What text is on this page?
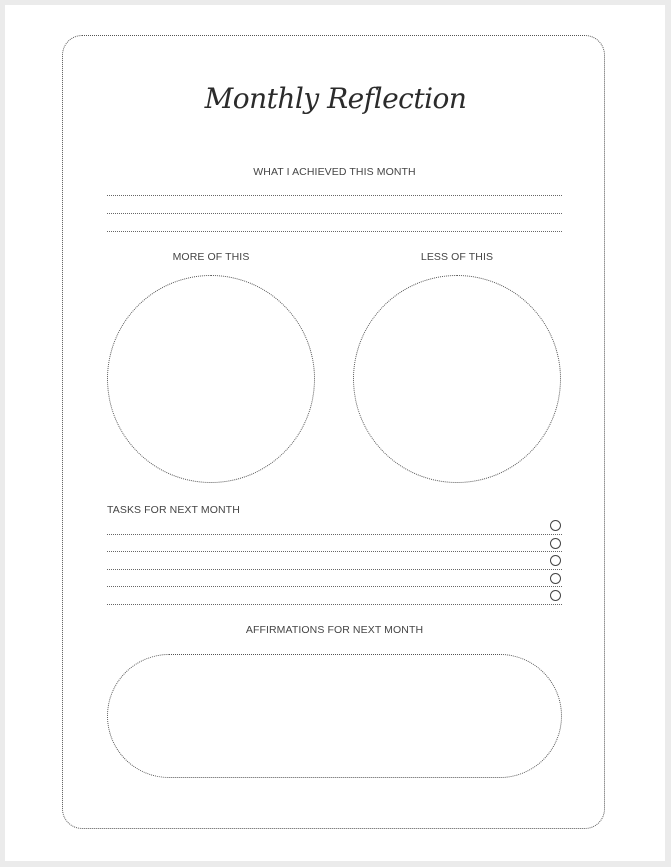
Monthly Reflection
WHAT I ACHIEVED THIS MONTH
MORE OF THIS	LESS OF THIS
TASKS FOR NEXT MONTH
AFFIRMATIONS FOR NEXT MONTH
